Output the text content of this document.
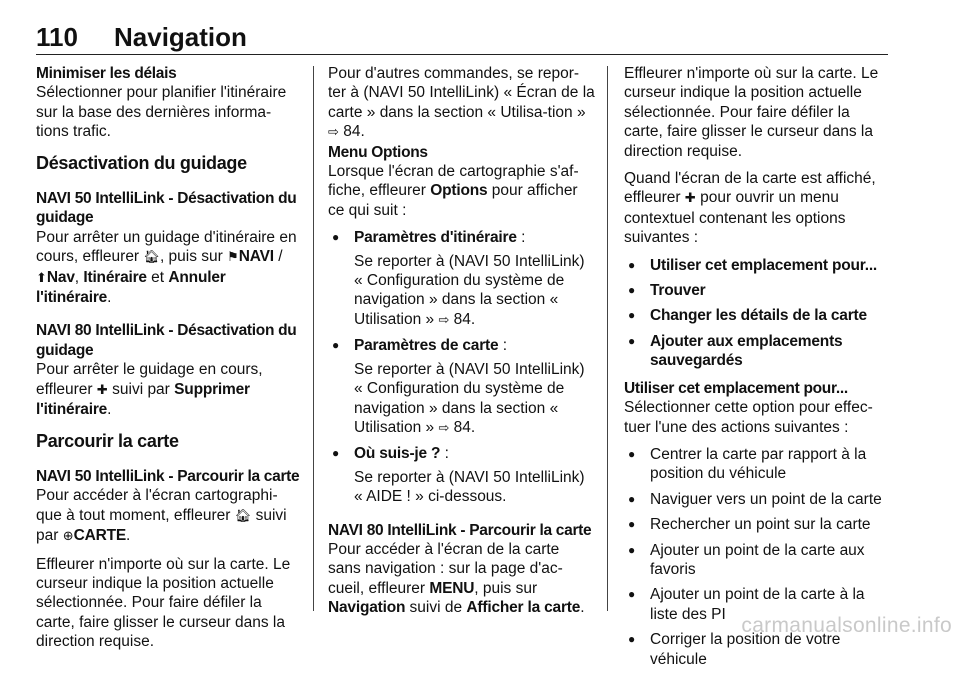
110 Navigation
Minimiser les délais

Sélectionner pour planifier l'itinéraire sur la base des dernières informa-tions trafic.

Désactivation du guidage
NAVI 50 IntelliLink - Désactivation du guidage

Pour arrêter un guidage d'itinéraire en cours, effleurer 🏠︎, puis sur ⚑NAVI / ⬆Nav, Itinéraire et Annuler l'itinéraire.

NAVI 80 IntelliLink - Désactivation du guidage

Pour arrêter le guidage en cours, effleurer ✚ suivi par Supprimer l'itinéraire.

Parcourir la carte
NAVI 50 IntelliLink - Parcourir la carte

Pour accéder à l'écran cartographi-que à tout moment, effleurer 🏠︎ suivi par ⊕CARTE.

Effleurer n'importe où sur la carte. Le curseur indique la position actuelle sélectionnée. Pour faire défiler la carte, faire glisser le curseur dans la direction requise.

Pour d'autres commandes, se repor-ter à (NAVI 50 IntelliLink) « Écran de la carte » dans la section « Utilisa-tion » ⇨ 84.

Menu Options

Lorsque l'écran de cartographie s'af-fiche, effleurer Options pour afficher ce qui suit :

● Paramètres d'itinéraire :
Se reporter à (NAVI 50 IntelliLink) « Configuration du système de navigation » dans la section « Utilisation » ⇨ 84.
● Paramètres de carte :
Se reporter à (NAVI 50 IntelliLink) « Configuration du système de navigation » dans la section « Utilisation » ⇨ 84.
● Où suis-je ? :
Se reporter à (NAVI 50 IntelliLink) « AIDE ! » ci-dessous.
NAVI 80 IntelliLink - Parcourir la carte

Pour accéder à l'écran de la carte sans navigation : sur la page d'ac-cueil, effleurer MENU, puis sur Navigation suivi de Afficher la carte.

Effleurer n'importe où sur la carte. Le curseur indique la position actuelle sélectionnée. Pour faire défiler la carte, faire glisser le curseur dans la direction requise.

Quand l'écran de la carte est affiché, effleurer ✚ pour ouvrir un menu contextuel contenant les options suivantes :

● Utiliser cet emplacement pour...
● Trouver
● Changer les détails de la carte
● Ajouter aux emplacements sauvegardés
Utiliser cet emplacement pour...

Sélectionner cette option pour effec-tuer l'une des actions suivantes :

● Centrer la carte par rapport à la position du véhicule
● Naviguer vers un point de la carte
● Rechercher un point sur la carte
● Ajouter un point de la carte aux favoris
● Ajouter un point de la carte à la liste des PI
● Corriger la position de votre véhicule
carmanualsonline.info
